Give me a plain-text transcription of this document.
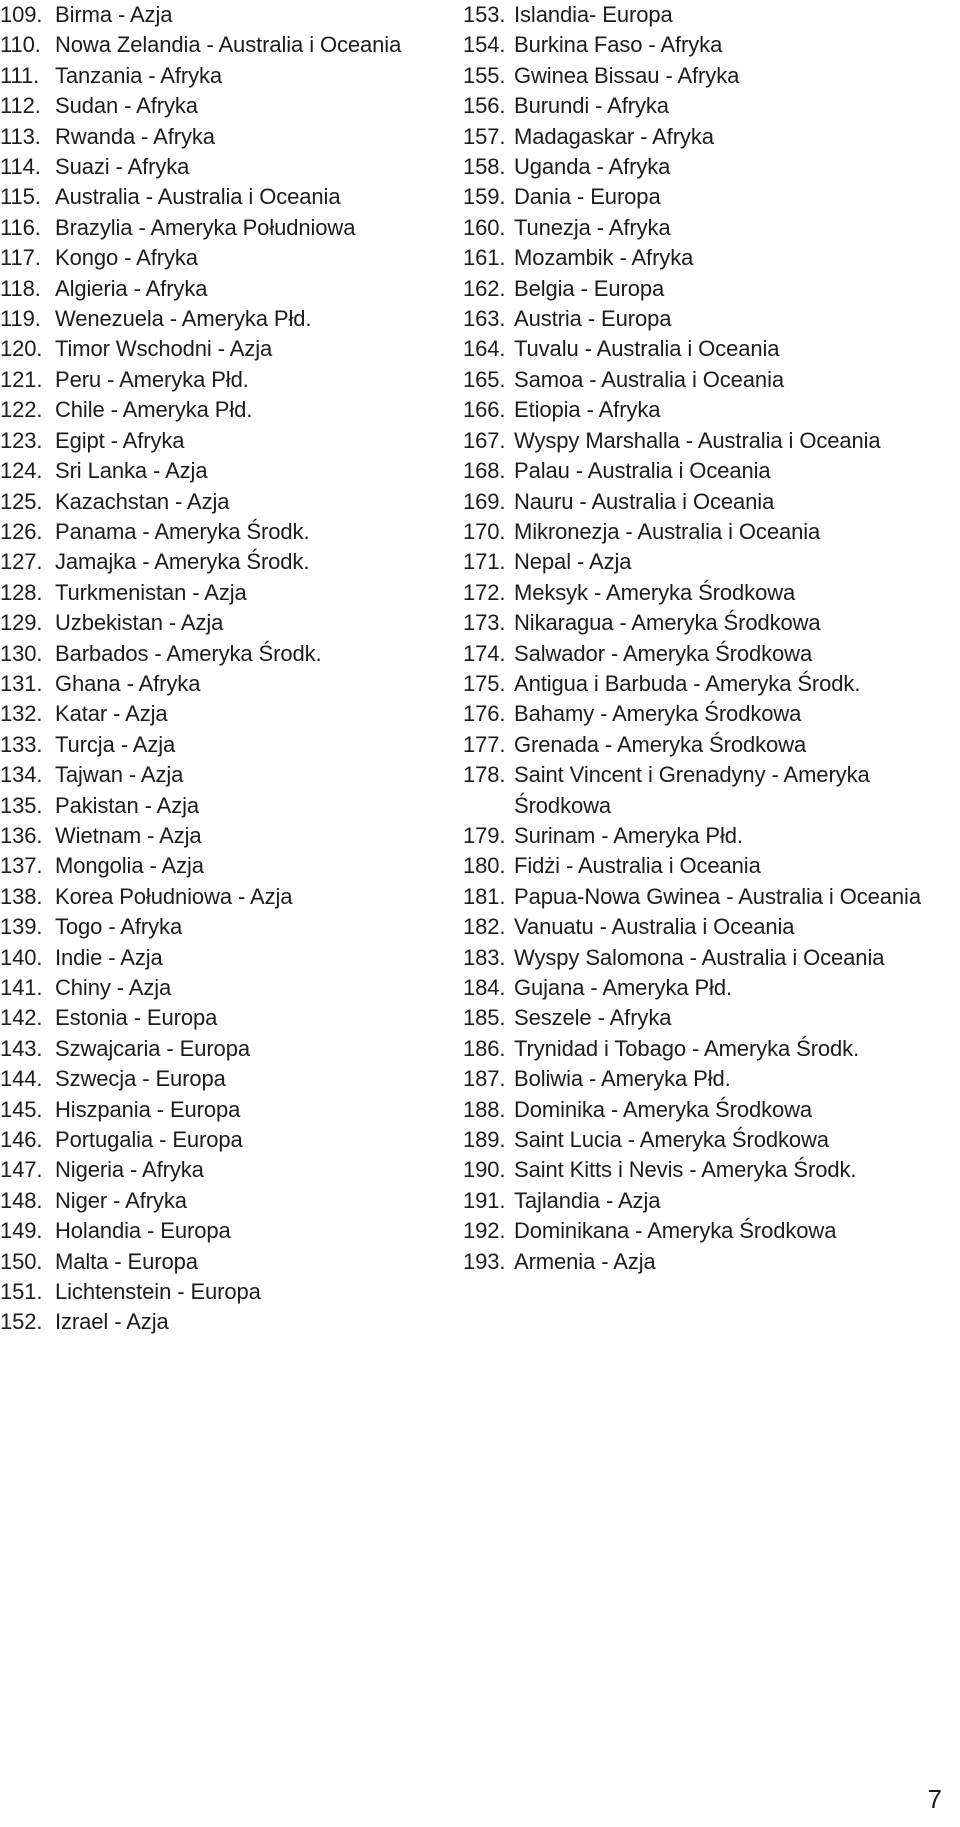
109. Birma - Azja
110. Nowa Zelandia - Australia i Oceania
111. Tanzania - Afryka
112. Sudan - Afryka
113. Rwanda - Afryka
114. Suazi - Afryka
115. Australia - Australia i Oceania
116. Brazylia - Ameryka Południowa
117. Kongo - Afryka
118. Algieria - Afryka
119. Wenezuela - Ameryka Płd.
120. Timor Wschodni - Azja
121. Peru - Ameryka Płd.
122. Chile - Ameryka Płd.
123. Egipt - Afryka
124. Sri Lanka - Azja
125. Kazachstan - Azja
126. Panama - Ameryka Środk.
127. Jamajka - Ameryka Środk.
128. Turkmenistan - Azja
129. Uzbekistan - Azja
130. Barbados - Ameryka Środk.
131. Ghana - Afryka
132. Katar - Azja
133. Turcja - Azja
134. Tajwan - Azja
135. Pakistan - Azja
136. Wietnam - Azja
137. Mongolia - Azja
138. Korea Południowa - Azja
139. Togo - Afryka
140. Indie - Azja
141. Chiny - Azja
142. Estonia - Europa
143. Szwajcaria - Europa
144. Szwecja - Europa
145. Hiszpania - Europa
146. Portugalia - Europa
147. Nigeria - Afryka
148. Niger - Afryka
149. Holandia - Europa
150. Malta - Europa
151. Lichtenstein - Europa
152. Izrael - Azja
153. Islandia- Europa
154. Burkina Faso - Afryka
155. Gwinea Bissau - Afryka
156. Burundi - Afryka
157. Madagaskar - Afryka
158. Uganda - Afryka
159. Dania - Europa
160. Tunezja - Afryka
161. Mozambik - Afryka
162. Belgia - Europa
163. Austria - Europa
164. Tuvalu - Australia i Oceania
165. Samoa - Australia i Oceania
166. Etiopia - Afryka
167. Wyspy Marshalla - Australia i Oceania
168. Palau - Australia i Oceania
169. Nauru - Australia i Oceania
170. Mikronezja - Australia i Oceania
171. Nepal - Azja
172. Meksyk - Ameryka Środkowa
173. Nikaragua - Ameryka Środkowa
174. Salwador - Ameryka Środkowa
175. Antigua i Barbuda - Ameryka Środk.
176. Bahamy - Ameryka Środkowa
177. Grenada - Ameryka Środkowa
178. Saint Vincent i Grenadyny - Ameryka Środkowa
179. Surinam - Ameryka Płd.
180. Fidżi - Australia i Oceania
181. Papua-Nowa Gwinea - Australia i Oceania
182. Vanuatu - Australia i Oceania
183. Wyspy Salomona - Australia i Oceania
184. Gujana - Ameryka Płd.
185. Seszele - Afryka
186. Trynidad i Tobago - Ameryka Środk.
187. Boliwia - Ameryka Płd.
188. Dominika - Ameryka Środkowa
189. Saint Lucia - Ameryka Środkowa
190. Saint Kitts i Nevis - Ameryka Środk.
191. Tajlandia - Azja
192. Dominikana - Ameryka Środkowa
193. Armenia - Azja
7
